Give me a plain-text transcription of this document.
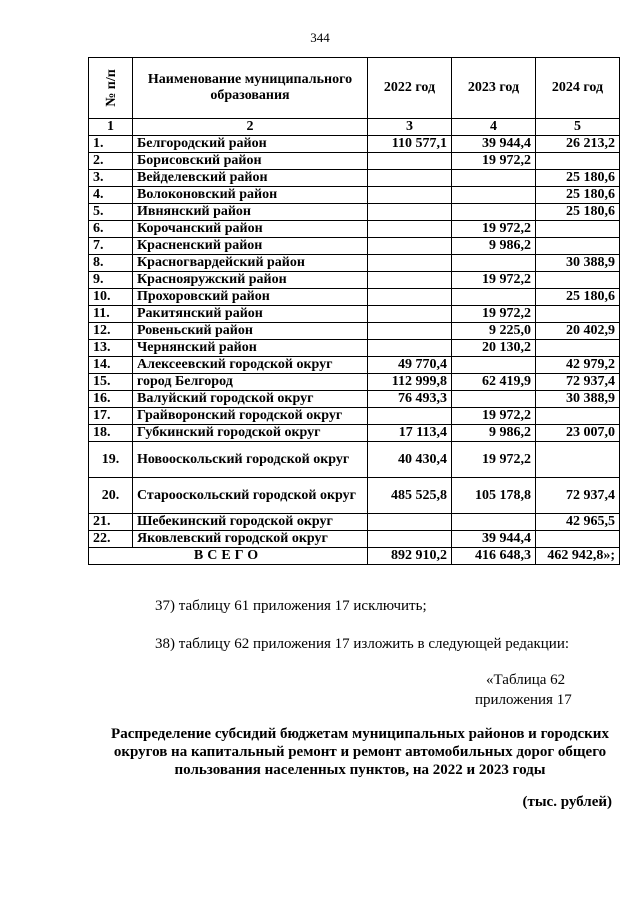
344
№ п/п	Наименование муниципального образования	2022 год	2023 год	2024 год
1	2	3	4	5
1.	Белгородский район	110 577,1	39 944,4	26 213,2
2.	Борисовский район		19 972,2	
3.	Вейделевский район			25 180,6
4.	Волоконовский район			25 180,6
5.	Ивнянский район			25 180,6
6.	Корочанский район		19 972,2	
7.	Красненский район		9 986,2	
8.	Красногвардейский район			30 388,9
9.	Краснояружский район		19 972,2	
10.	Прохоровский район			25 180,6
11.	Ракитянский район		19 972,2	
12.	Ровеньский район		9 225,0	20 402,9
13.	Чернянский район		20 130,2	
14.	Алексеевский городской округ	49 770,4		42 979,2
15.	город Белгород	112 999,8	62 419,9	72 937,4
16.	Валуйский городской округ	76 493,3		30 388,9
17.	Грайворонский городской округ		19 972,2	
18.	Губкинский городской округ	17 113,4	9 986,2	23 007,0
19.	Новооскольский городской округ	40 430,4	19 972,2	
20.	Старооскольский городской округ	485 525,8	105 178,8	72 937,4
21.	Шебекинский городской округ			42 965,5
22.	Яковлевский городской округ		39 944,4	
ВСЕГО		892 910,2	416 648,3	462 942,8»;
37) таблицу 61 приложения 17 исключить;
38) таблицу 62 приложения 17 изложить в следующей редакции:
«Таблица 62
приложения 17
Распределение субсидий бюджетам муниципальных районов и городских округов на капитальный ремонт и ремонт автомобильных дорог общего пользования населенных пунктов, на 2022 и 2023 годы
(тыс. рублей)
